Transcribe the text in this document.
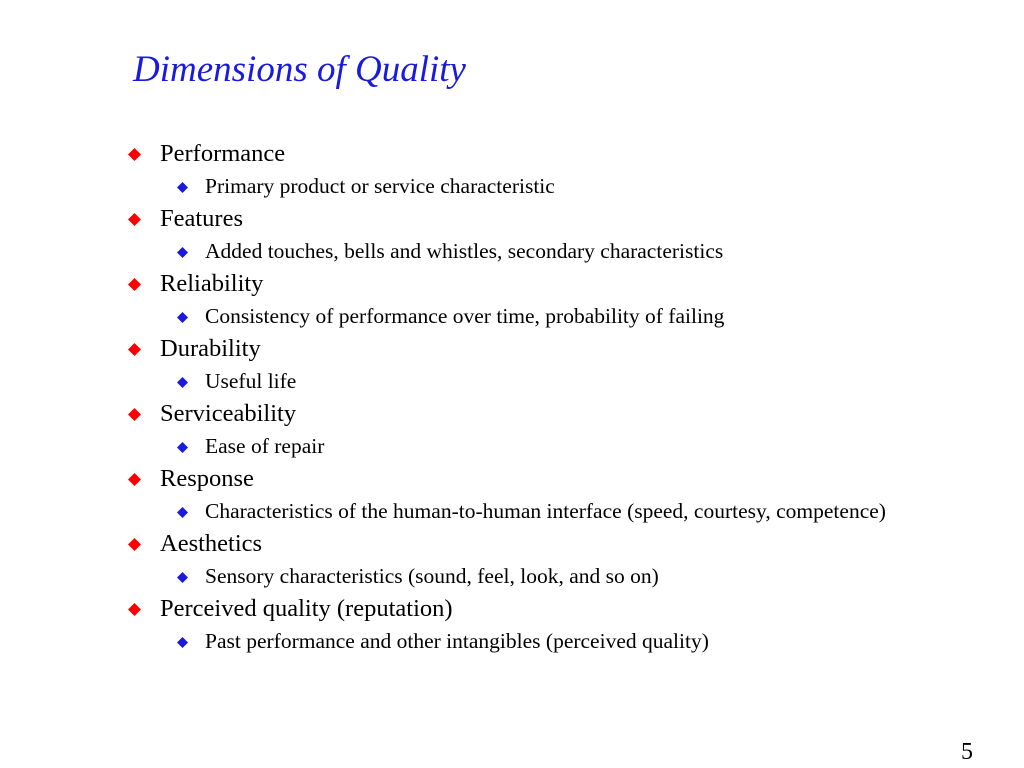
Dimensions of Quality
Performance
Primary product or service characteristic
Features
Added touches, bells and whistles, secondary characteristics
Reliability
Consistency of performance over time, probability of failing
Durability
Useful life
Serviceability
Ease of repair
Response
Characteristics of the human-to-human interface (speed, courtesy, competence)
Aesthetics
Sensory characteristics (sound, feel, look, and so on)
Perceived quality (reputation)
Past performance and other intangibles (perceived quality)
5
